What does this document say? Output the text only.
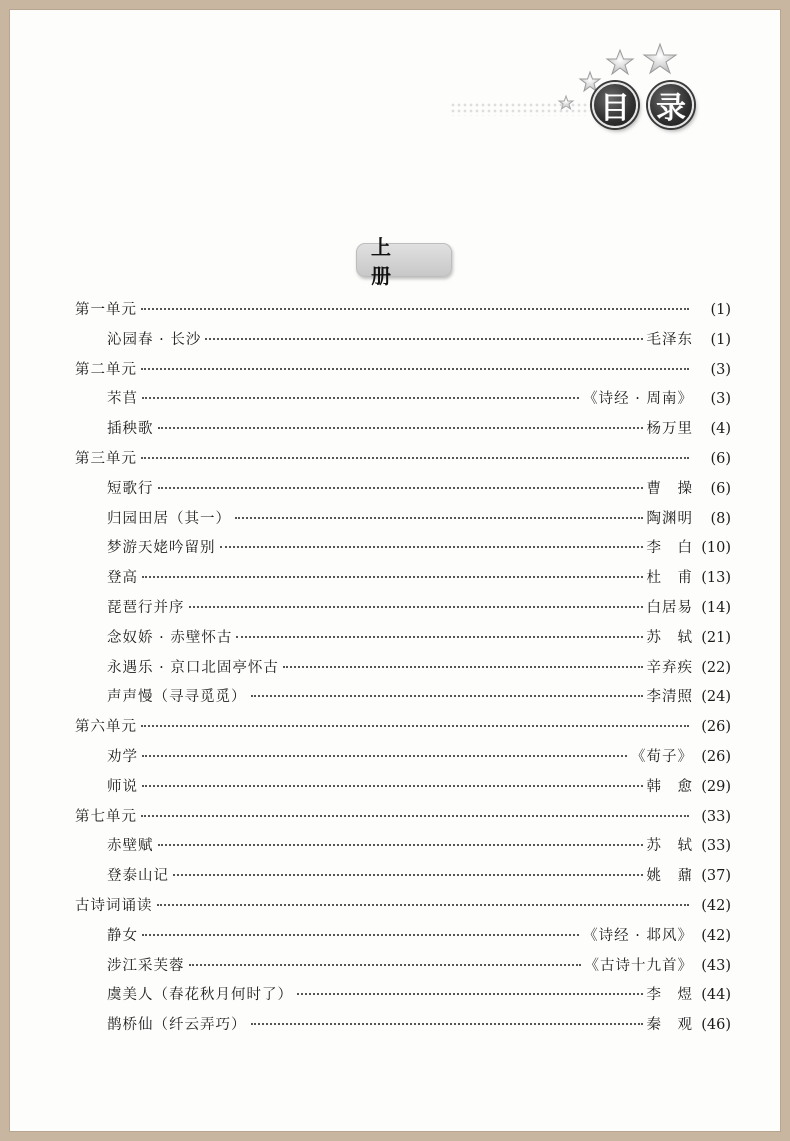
目 录
上 册
第一单元	(1)
沁园春 · 长沙	毛泽东	(1)
第二单元	(3)
芣苢	《诗经 · 周南》	(3)
插秧歌	杨万里	(4)
第三单元	(6)
短歌行	曹　操	(6)
归园田居（其一）	陶渊明	(8)
梦游天姥吟留别	李　白 (10)
登高	杜　甫 (13)
琵琶行并序	白居易 (14)
念奴娇 · 赤壁怀古	苏　轼 (21)
永遇乐 · 京口北固亭怀古	辛弃疾 (22)
声声慢（寻寻觅觅）	李清照 (24)
第六单元	(26)
劝学	《荀子》 (26)
师说	韩　愈 (29)
第七单元	(33)
赤壁赋	苏　轼 (33)
登泰山记	姚　鼐 (37)
古诗词诵读	(42)
静女	《诗经 · 邶风》 (42)
涉江采芙蓉	《古诗十九首》 (43)
虞美人（春花秋月何时了）	李　煜 (44)
鹊桥仙（纤云弄巧）	秦　观 (46)
